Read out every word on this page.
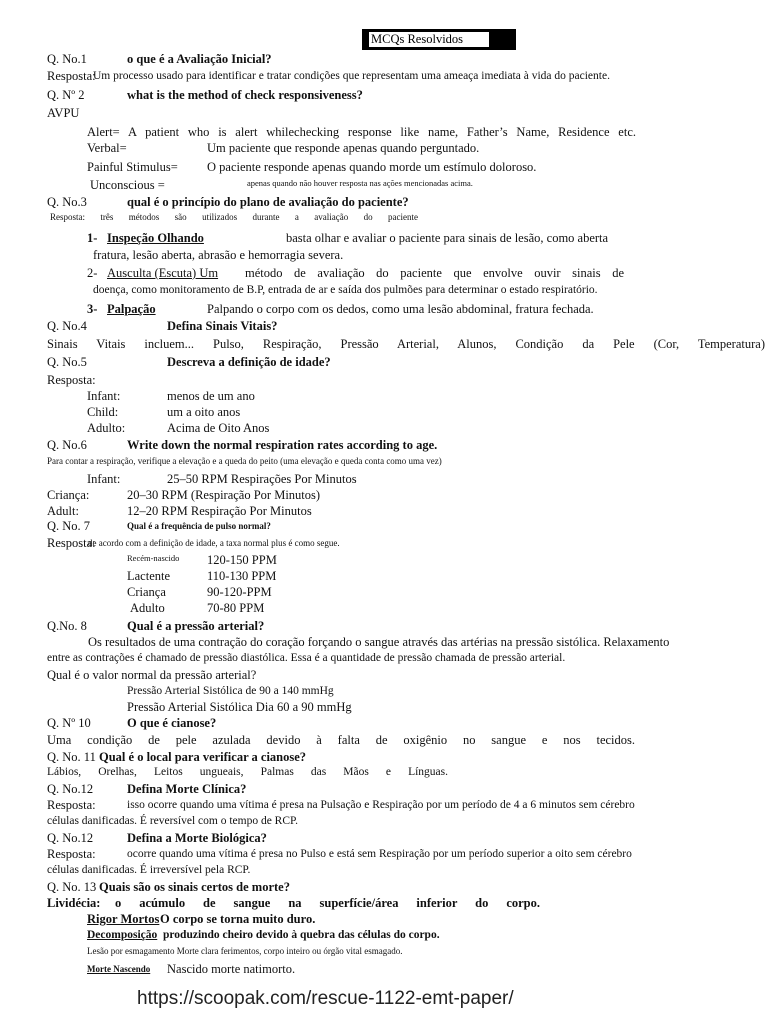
MCQs Resolvidos
Q. No.1	o que é a Avaliação Inicial?
Resposta:
Um processo usado para identificar e tratar condições que representam uma ameaça imediata à vida do paciente.
Q. Nº 2	what is the method of check responsiveness?
AVPU
Alert= A patient who is alert whilechecking response like name, Father’s Name, Residence etc.
Verbal=	Um paciente que responde apenas quando perguntado.
Painful Stimulus= O paciente responde apenas quando morde um estímulo doloroso.
Unconscious =	apenas quando não houver resposta nas ações mencionadas acima.
Q. No.3	qual é o princípio do plano de avaliação do paciente?
Resposta: três métodos são utilizados durante a avaliação do paciente
1- Inspeção Olhando	basta olhar e avaliar o paciente para sinais de lesão, como aberta
fratura, lesão aberta, abrasão e hemorragia severa.
2- Ausculta (Escuta) Um método de avaliação do paciente que envolve ouvir sinais de
doença, como monitoramento de B.P, entrada de ar e saída dos pulmões para determinar o estado respiratório.
3- Palpação	Palpando o corpo com os dedos, como uma lesão abdominal, fratura fechada.
Q. No.4	Defina Sinais Vitais?
Sinais Vitais incluem... Pulso, Respiração, Pressão Arterial, Alunos, Condição da Pele (Cor, Temperatura)
Q. No.5	Descreva a definição de idade?
Resposta:
Infant:	menos de um ano
Child:	um a oito anos
Adulto:	Acima de Oito Anos
Q. No.6	Write down the normal respiration rates according to age.
Para contar a respiração, verifique a elevação e a queda do peito (uma elevação e queda conta como uma vez)
Infant:	25–50 RPM Respirações Por Minutos
Criança:	20–30 RPM (Respiração Por Minutos)
Adult:	12–20 RPM Respiração Por Minutos
Q. No. 7	Qual é a frequência de pulso normal?
Resposta:
de acordo com a definição de idade, a taxa normal plus é como segue.
Recém-nascido 120-150 PPM
Lactente	110-130 PPM
Criança	90-120-PPM
Adulto	70-80 PPM
Q.No. 8	Qual é a pressão arterial?
Os resultados de uma contração do coração forçando o sangue através das artérias na pressão sistólica. Relaxamento
entre as contrações é chamado de pressão diastólica. Essa é a quantidade de pressão chamada de pressão arterial.
Qual é o valor normal da pressão arterial?
Pressão Arterial Sistólica de 90 a 140 mmHg
Pressão Arterial Sistólica Dia 60 a 90 mmHg
Q. Nº 10	O que é cianose?
Uma condição de pele azulada devido à falta de oxigênio no sangue e nos tecidos.
Q. No. 11 Qual é o local para verificar a cianose?
Lábios, Orelhas, Leitos ungueais, Palmas das Mãos e Línguas.
Q. No.12	Defina Morte Clínica?
Resposta:	isso ocorre quando uma vítima é presa na Pulsação e Respiração por um período de 4 a 6 minutos sem cérebro
células danificadas. É reversível com o tempo de RCP.
Q. No.12	Defina a Morte Biológica?
Resposta:	ocorre quando uma vítima é presa no Pulso e está sem Respiração por um período superior a oito sem cérebro
células danificadas. É irreversível pela RCP.
Q. No. 13 Quais são os sinais certos de morte?
Lividécia: o acúmulo de sangue na superfície/área inferior do corpo.
Rigor Mortos O corpo se torna muito duro.
Decomposição produzindo cheiro devido à quebra das células do corpo.
Lesão por esmagamento Morte clara ferimentos, corpo inteiro ou órgão vital esmagado.
Morte Nascendo Nascido morte natimorto.
https://scoopak.com/rescue-1122-emt-paper/
